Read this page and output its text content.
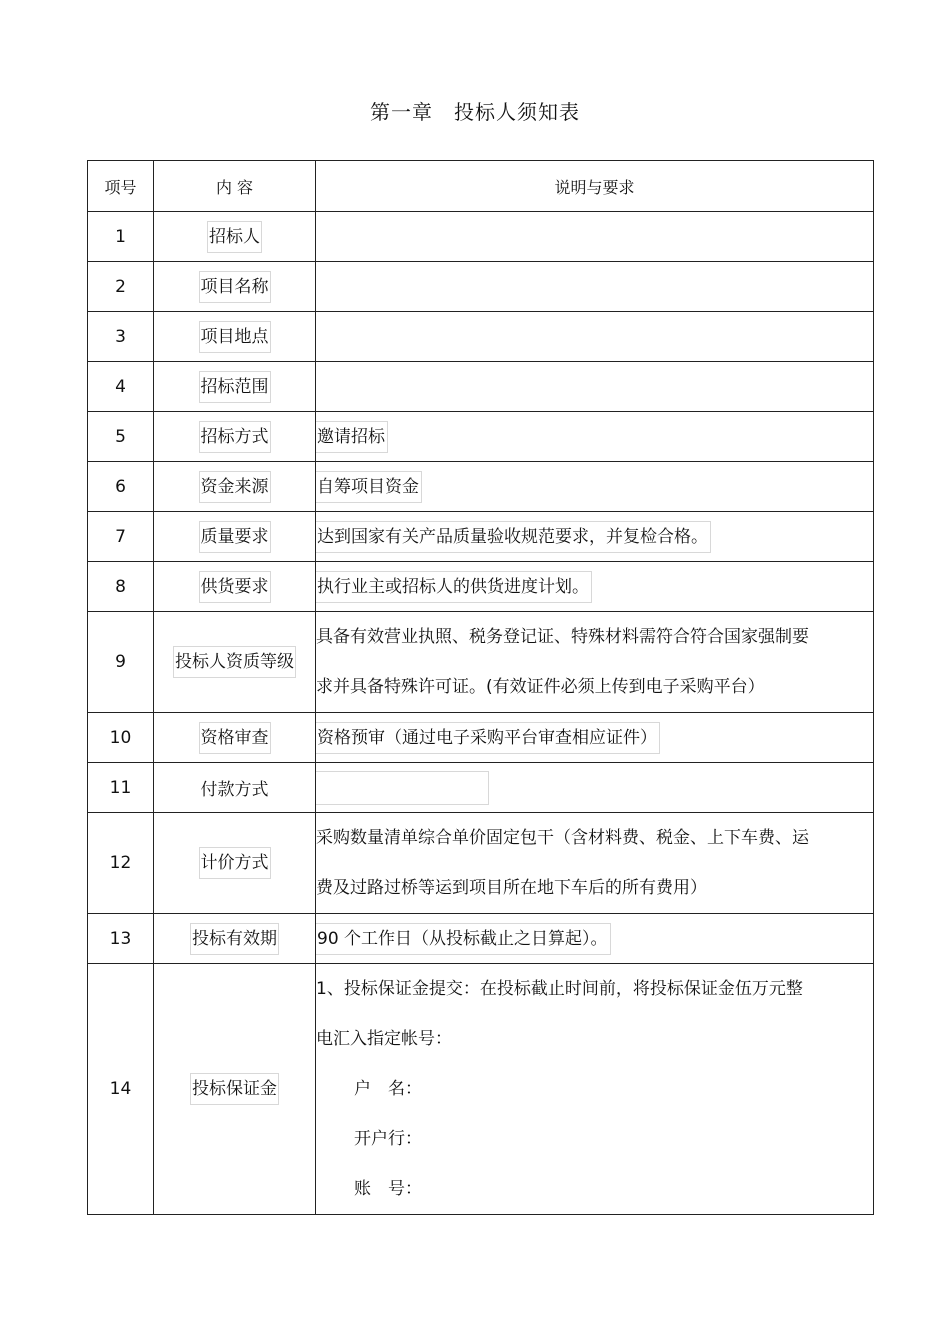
第一章　投标人须知表
项号	内 容	说明与要求
1	招标人	
2	项目名称	
3	项目地点	
4	招标范围	
5	招标方式	邀请招标
6	资金来源	自筹项目资金
7	质量要求	达到国家有关产品质量验收规范要求，并复检合格。
8	供货要求	执行业主或招标人的供货进度计划。
9	投标人资质等级	具备有效营业执照、税务登记证、特殊材料需符合符合国家强制要
求并具备特殊许可证。(有效证件必须上传到电子采购平台）

10	资格审查	资格预审（通过电子采购平台审查相应证件）
11	付款方式	
12	计价方式	采购数量清单综合单价固定包干（含材料费、税金、上下车费、运
费及过路过桥等运到项目所在地下车后的所有费用）

13	投标有效期	90 个工作日（从投标截止之日算起）。
14	投标保证金	1、投标保证金提交：在投标截止时间前，将投标保证金伍万元整
电汇入指定帐号：
户　名：
开户行：
账　号：
